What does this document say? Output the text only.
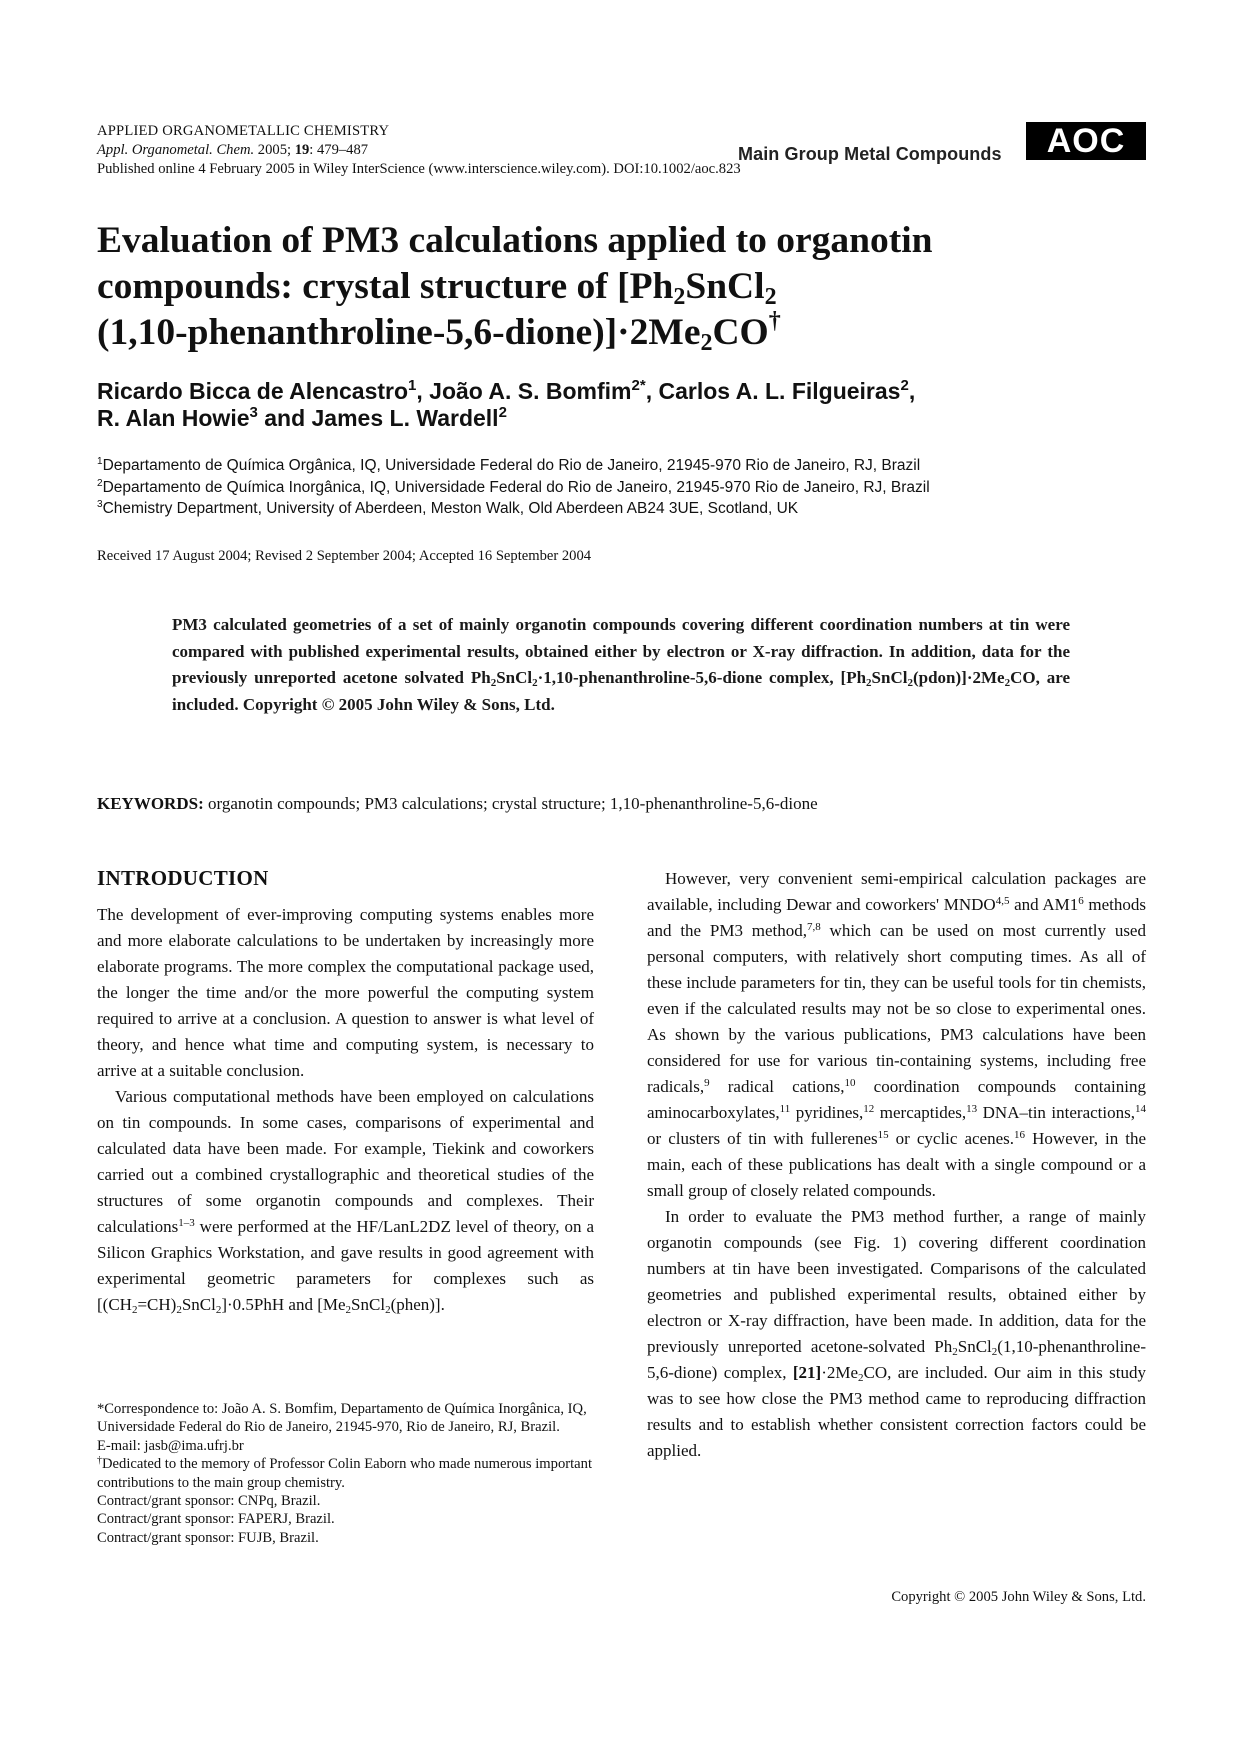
APPLIED ORGANOMETALLIC CHEMISTRY
Appl. Organometal. Chem. 2005; 19: 479–487
Published online 4 February 2005 in Wiley InterScience (www.interscience.wiley.com). DOI:10.1002/aoc.823
Main Group Metal Compounds	AOC
Evaluation of PM3 calculations applied to organotin
compounds: crystal structure of [$Ph_2SnCl_2$
$(1,10-phenanthroline-5,6-dione)]\cdot 2Me_2CO^\dagger$
Ricardo Bicca de Alencastro$^1$, João A. S. Bomfim$^{2*}$, Carlos A. L. Filgueiras$^2$,
R. Alan Howie$^3$ and James L. Wardell$^2$
$^1$Departamento de Química Orgânica, IQ, Universidade Federal do Rio de Janeiro, 21945-970 Rio de Janeiro, RJ, Brazil
$^2$Departamento de Química Inorgânica, IQ, Universidade Federal do Rio de Janeiro, 21945-970 Rio de Janeiro, RJ, Brazil
$^3$Chemistry Department, University of Aberdeen, Meston Walk, Old Aberdeen AB24 3UE, Scotland, UK
Received 17 August 2004; Revised 2 September 2004; Accepted 16 September 2004
PM3 calculated geometries of a set of mainly organotin compounds covering different coordination numbers at tin were compared with published experimental results, obtained either by electron or X-ray diffraction. In addition, data for the previously unreported acetone solvated $Ph_2SnCl_2\cdot 1,10-phenanthroline-5,6$-dione complex, $[Ph_2SnCl_2(pdon)]\cdot 2Me_2CO$, are included. Copyright © 2005 John Wiley & Sons, Ltd.
KEYWORDS: organotin compounds; PM3 calculations; crystal structure; 1,10-phenanthroline-5,6-dione
INTRODUCTION

The development of ever-improving computing systems enables more and more elaborate calculations to be undertaken by increasingly more elaborate programs. The more complex the computational package used, the longer the time and/or the more powerful the computing system required to arrive at a conclusion. A question to answer is what level of theory, and hence what time and computing system, is necessary to arrive at a suitable conclusion.

Various computational methods have been employed on calculations on tin compounds. In some cases, comparisons of experimental and calculated data have been made. For example, Tiekink and coworkers carried out a combined crystallographic and theoretical studies of the structures of some organotin compounds and complexes. Their calculations$^{1-3}$ were performed at the HF/LanL2DZ level of theory, on a Silicon Graphics Workstation, and gave results in good agreement with experimental geometric parameters for complexes such as $[(CH_2=CH)_2SnCl_2]\cdot 0.5PhH$ and $[Me_2SnCl_2(phen)]$.

*Correspondence to: João A. S. Bomfim, Departamento de Química Inorgânica, IQ, Universidade Federal do Rio de Janeiro, 21945-970, Rio de Janeiro, RJ, Brazil.
E-mail: jasb@ima.ufrj.br
†Dedicated to the memory of Professor Colin Eaborn who made numerous important contributions to the main group chemistry.
Contract/grant sponsor: CNPq, Brazil.
Contract/grant sponsor: FAPERJ, Brazil.
Contract/grant sponsor: FUJB, Brazil.

However, very convenient semi-empirical calculation packages are available, including Dewar and coworkers' MNDO$^{4,5}$ and $AM1^6$ methods and the PM3 method,$^{7,8}$ which can be used on most currently used personal computers, with relatively short computing times. As all of these include parameters for tin, they can be useful tools for tin chemists, even if the calculated results may not be so close to experimental ones. As shown by the various publications, PM3 calculations have been considered for use for various tin-containing systems, including free radicals,$^9$ radical cations,$^{10}$ coordination compounds containing aminocarboxylates,$^{11}$ pyridines,$^{12}$ mercaptides,$^{13}$ DNA–tin interactions,$^{14}$ or clusters of tin with fullerenes$^{15}$ or cyclic acenes.$^{16}$ However, in the main, each of these publications has dealt with a single compound or a small group of closely related compounds.

In order to evaluate the PM3 method further, a range of mainly organotin compounds (see Fig. 1) covering different coordination numbers at tin have been investigated. Comparisons of the calculated geometries and published experimental results, obtained either by electron or X-ray diffraction, have been made. In addition, data for the previously unreported acetone-solvated $Ph_2SnCl_2(1,10-phenanthroline-5,6-dione)$ complex, $[21]\cdot 2Me_2CO$, are included. Our aim in this study was to see how close the PM3 method came to reproducing diffraction results and to establish whether consistent correction factors could be applied.

Copyright © 2005 John Wiley & Sons, Ltd.
